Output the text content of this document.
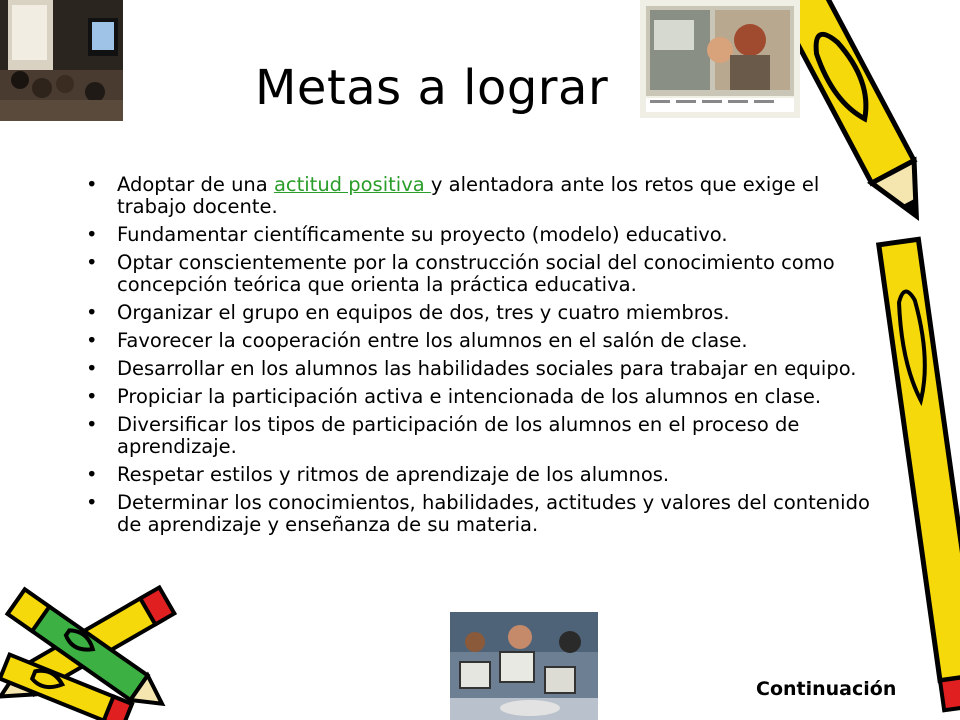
Metas a lograr
• Adoptar de una actitud positiva y alentadora ante los retos que exige el trabajo docente.
• Fundamentar científicamente su proyecto (modelo) educativo.
• Optar conscientemente por la construcción social del conocimiento como concepción teórica que orienta la práctica educativa.
• Organizar el grupo en equipos de dos, tres y cuatro miembros.
• Favorecer la cooperación entre los alumnos en el salón de clase.
• Desarrollar en los alumnos las habilidades sociales para trabajar en equipo.
• Propiciar la participación activa e intencionada de los alumnos en clase.
• Diversificar los tipos de participación de los alumnos en el proceso de aprendizaje.
• Respetar estilos y ritmos de aprendizaje de los alumnos.
• Determinar los conocimientos, habilidades, actitudes y valores del contenido de aprendizaje y enseñanza de su materia.
Continuación
